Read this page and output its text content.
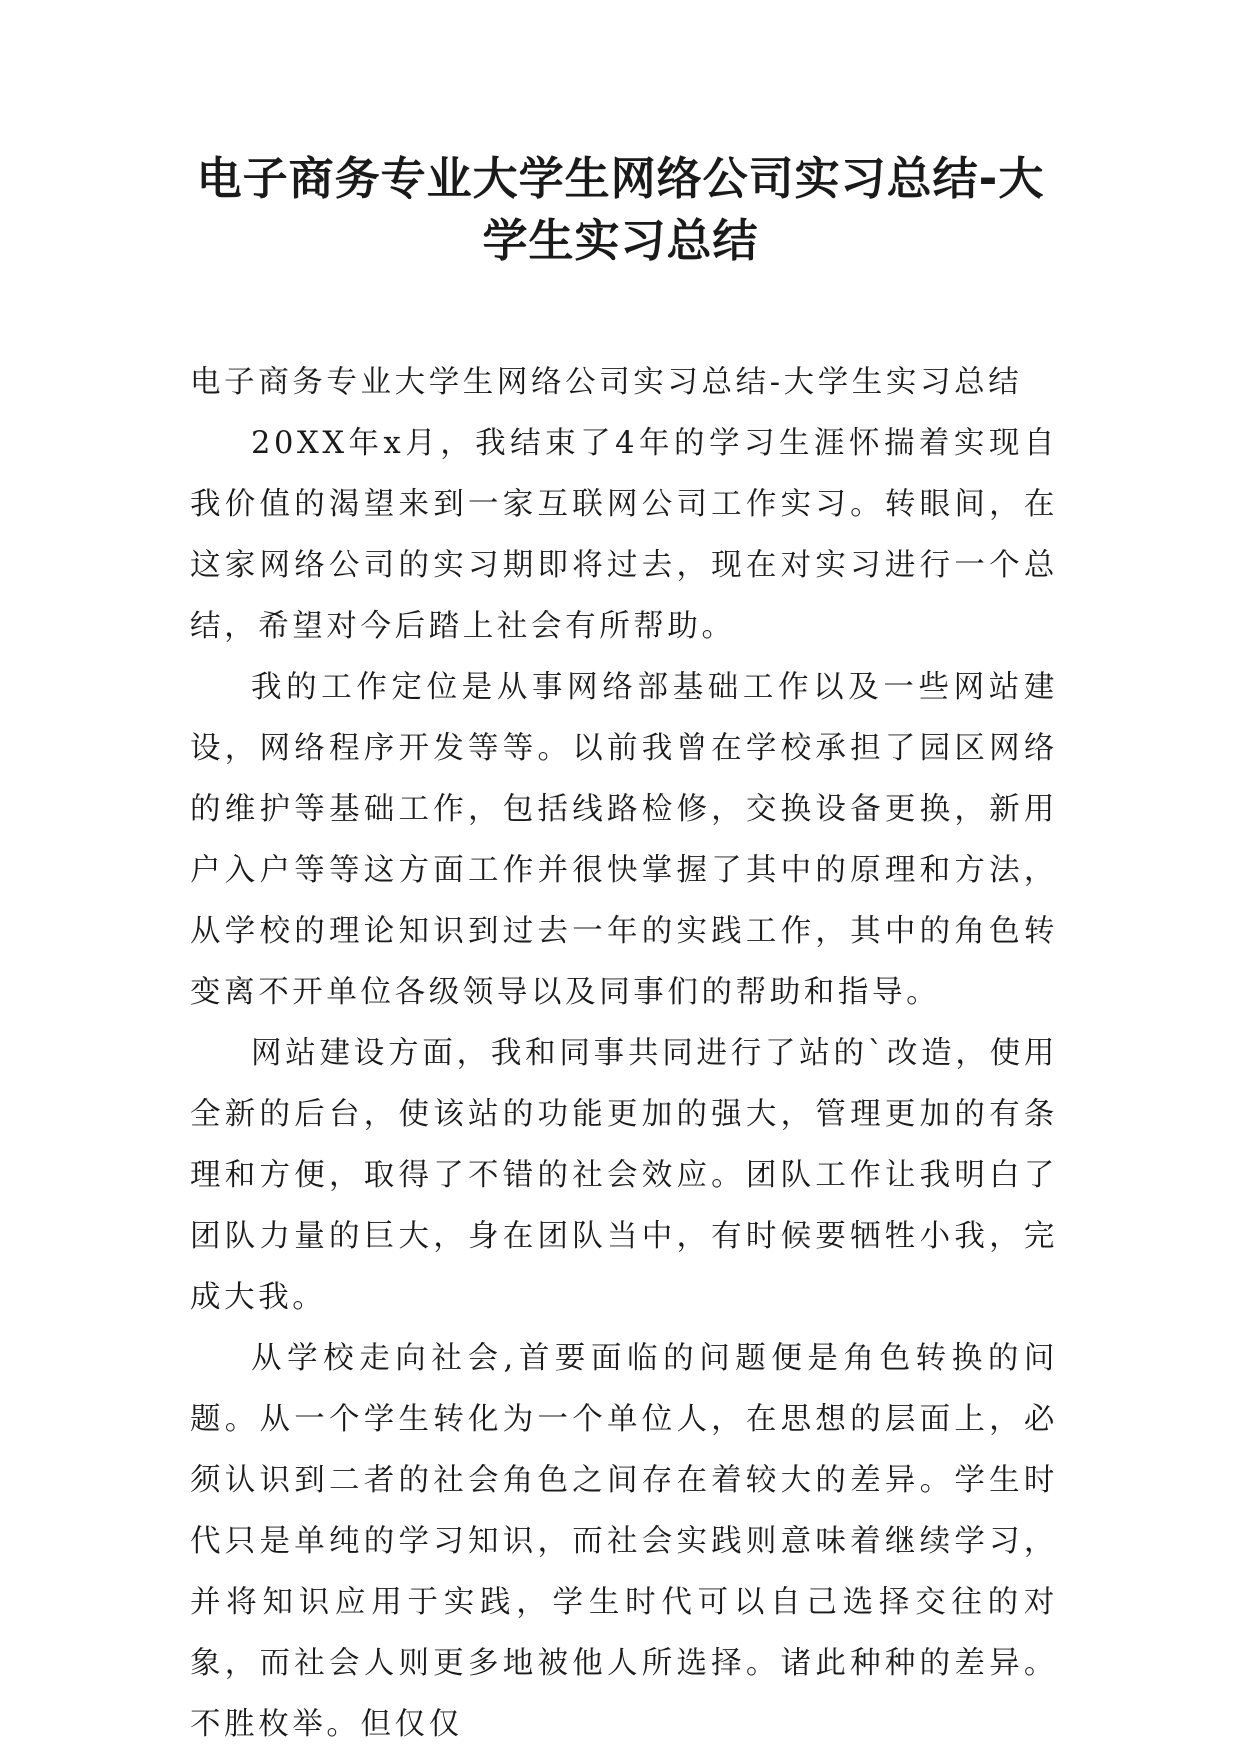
电子商务专业大学生网络公司实习总结-大
学生实习总结

电子商务专业大学生网络公司实习总结-大学生实习总结

20XX年x月，我结束了4年的学习生涯怀揣着实现自我价值的渴望来到一家互联网公司工作实习。转眼间，在这家网络公司的实习期即将过去，现在对实习进行一个总结，希望对今后踏上社会有所帮助。

我的工作定位是从事网络部基础工作以及一些网站建设，网络程序开发等等。以前我曾在学校承担了园区网络的维护等基础工作，包括线路检修，交换设备更换，新用户入户等等这方面工作并很快掌握了其中的原理和方法，从学校的理论知识到过去一年的实践工作，其中的角色转变离不开单位各级领导以及同事们的帮助和指导。

网站建设方面，我和同事共同进行了站的`改造，使用全新的后台，使该站的功能更加的强大，管理更加的有条理和方便，取得了不错的社会效应。团队工作让我明白了团队力量的巨大，身在团队当中，有时候要牺牲小我，完成大我。

从学校走向社会,首要面临的问题便是角色转换的问题。从一个学生转化为一个单位人，在思想的层面上，必须认识到二者的社会角色之间存在着较大的差异。学生时代只是单纯的学习知识，而社会实践则意味着继续学习，并将知识应用于实践，学生时代可以自己选择交往的对象，而社会人则更多地被他人所选择。诸此种种的差异。不胜枚举。但仅仅
